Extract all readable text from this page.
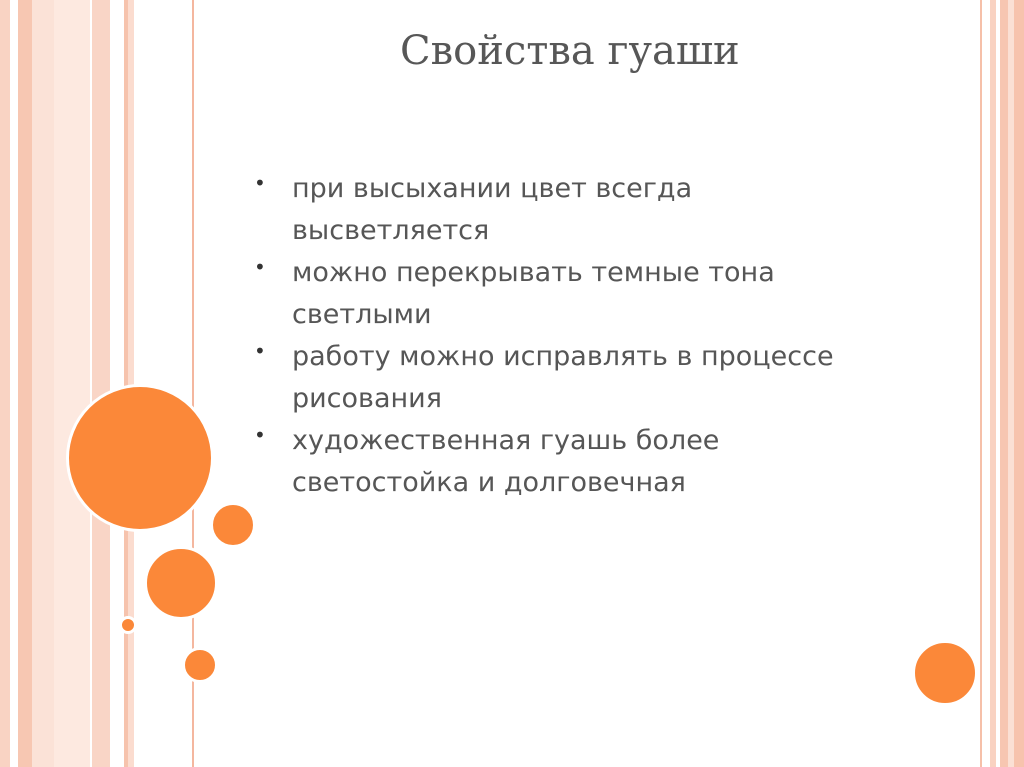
Свойства гуаши
• при высыхании цвет всегда
высветляется
• можно перекрывать темные тона
светлыми
• работу можно исправлять в процессе
рисования
• художественная гуашь более
светостойка и долговечная
